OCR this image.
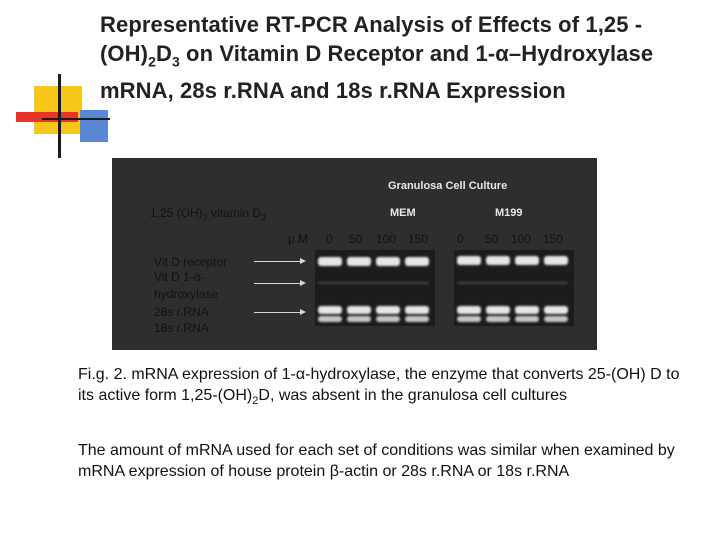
Representative RT-PCR Analysis of Effects of 1,25 $-(OH)_2D_3$ on Vitamin D Receptor and 1-α–Hydroxylase mRNA, 28s r.RNA and 18s r.RNA Expression
Granulosa Cell Culture
MEM	M199
1,25 $(OH)_2$ vitamin $D_3$
p.M 0 50 100 150 0 50 100 150
Vit D receptor
Vit D 1-α-
hydroxylase
28s r.RNA
18s r.RNA
Fi.g. 2. mRNA expression of 1-α-hydroxylase, the enzyme that converts 25-(OH) D to its active form $1,25-(OH)_2D$, was absent in the granulosa cell cultures
The amount of mRNA used for each set of conditions was similar when examined by mRNA expression of house protein β-actin or 28s r.RNA or 18s r.RNA
